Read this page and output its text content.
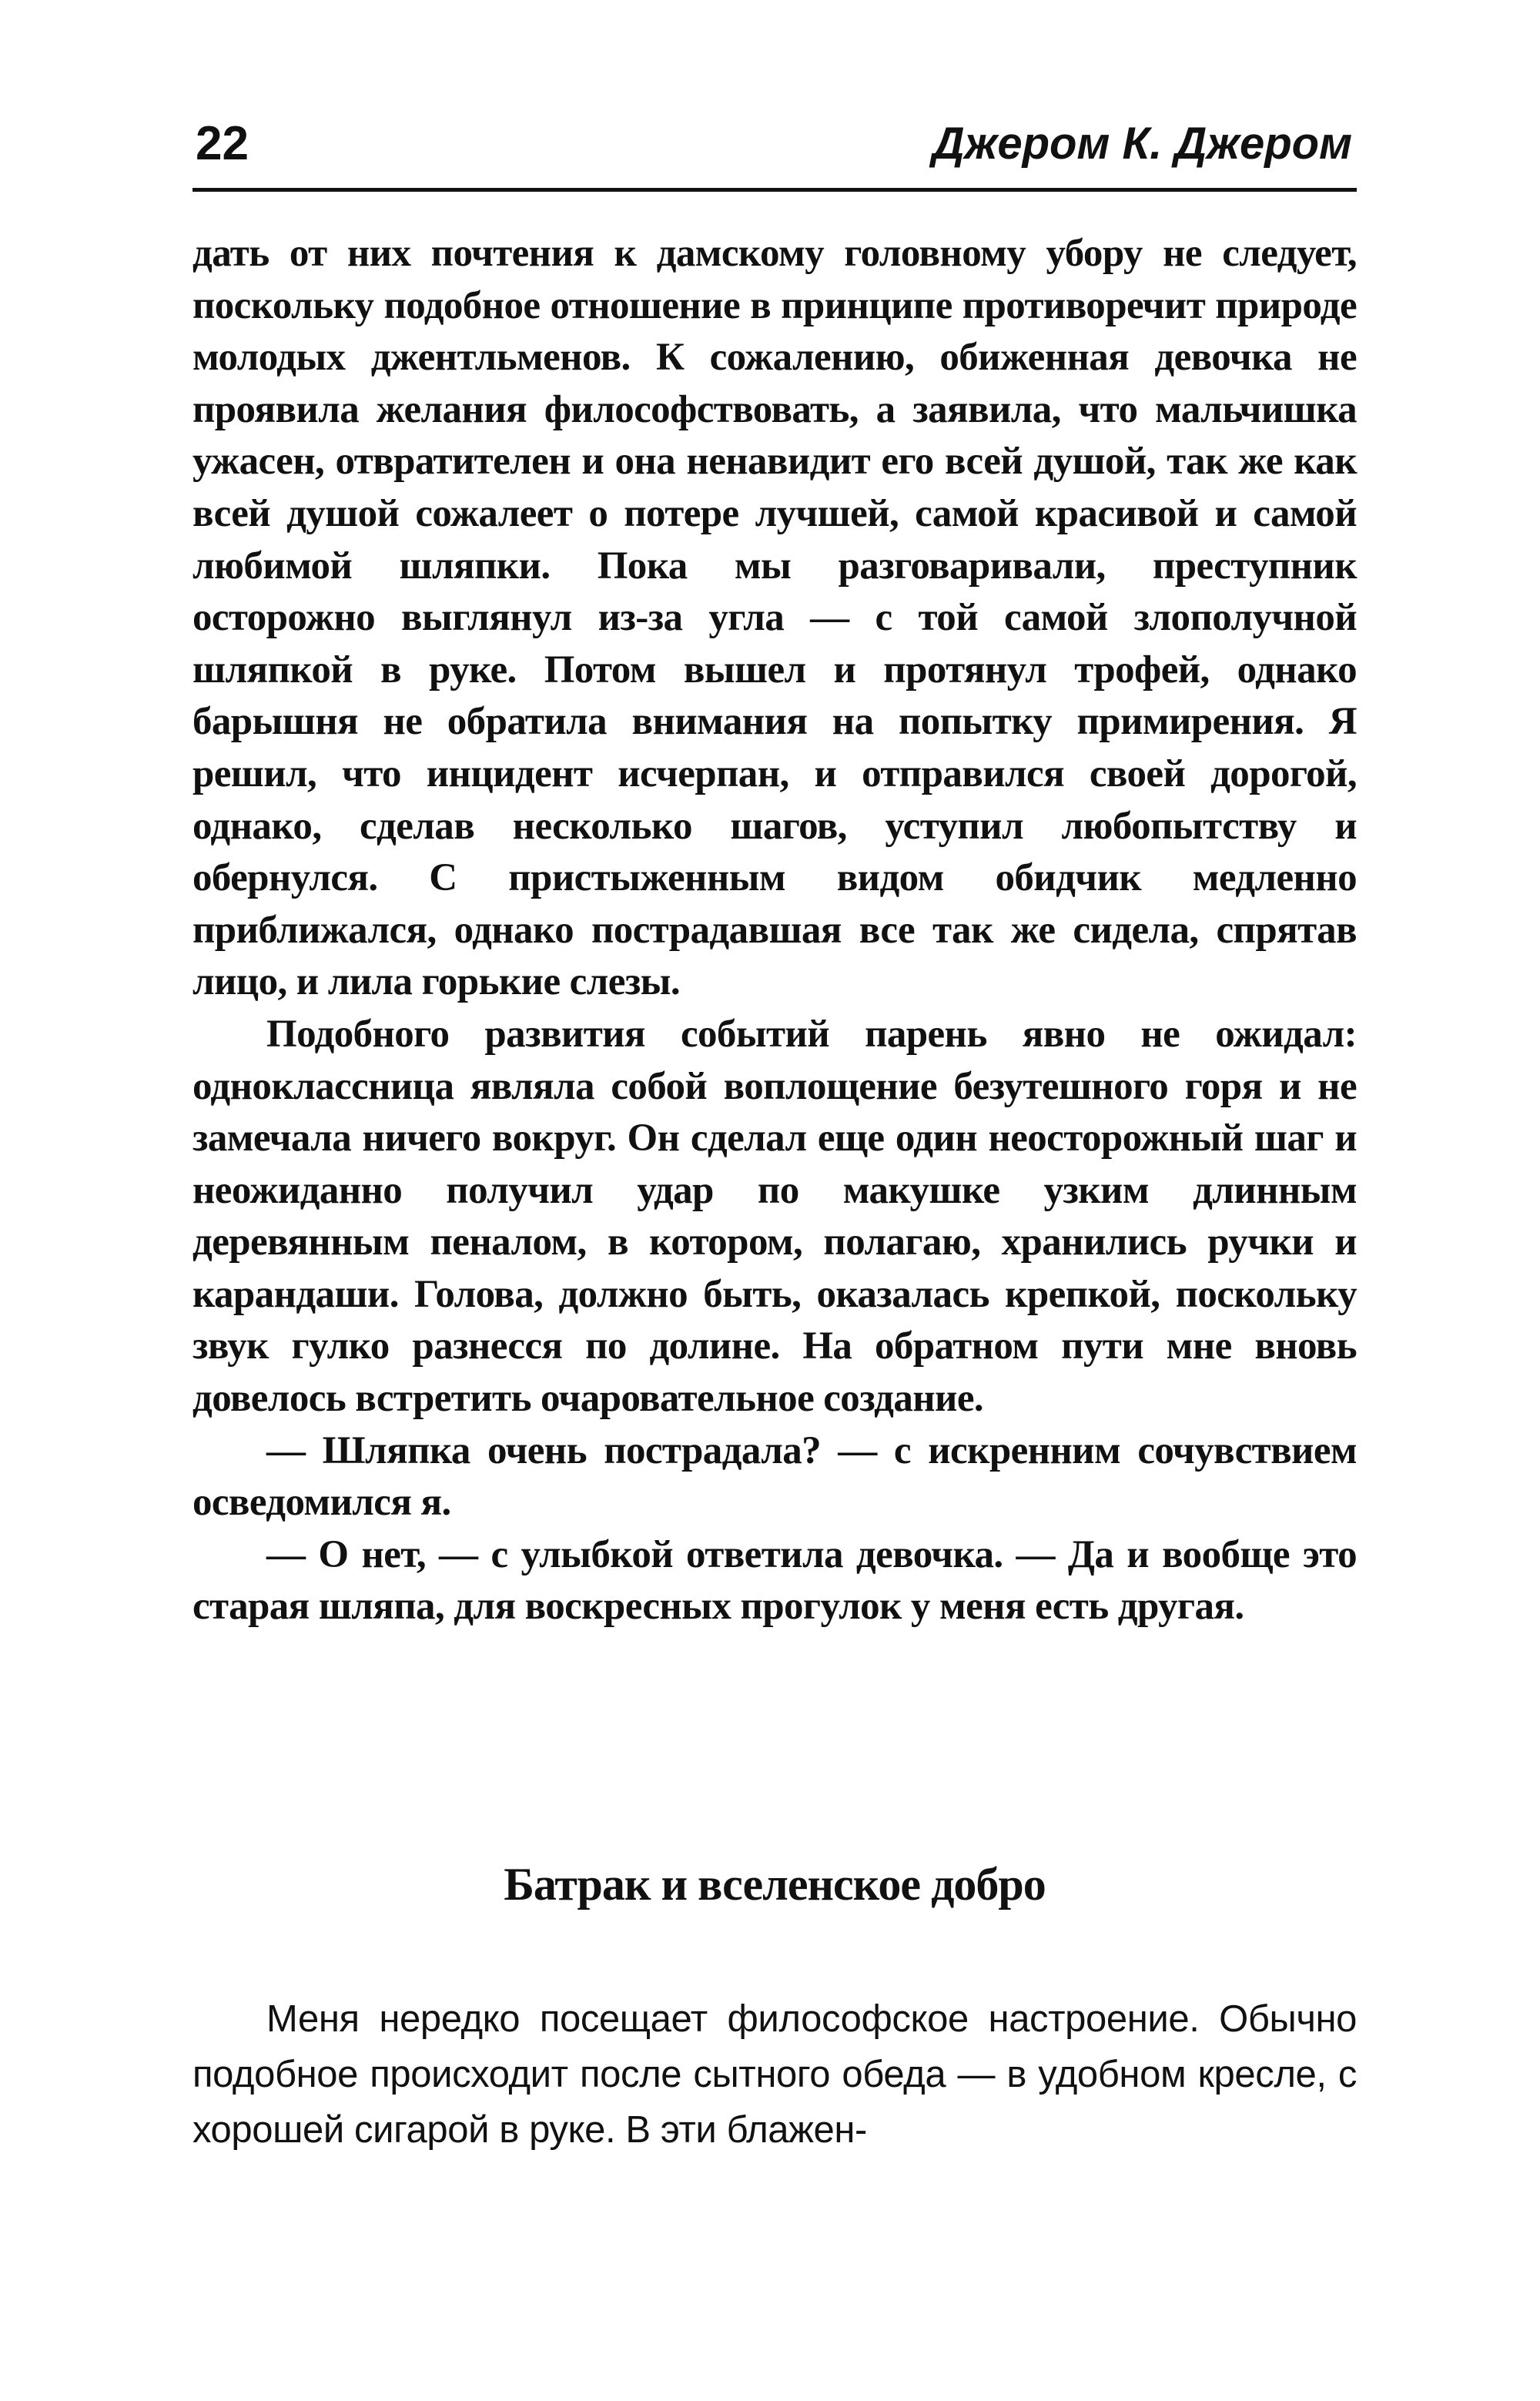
22	Джером К. Джером

дать от них почтения к дамскому головному убору не следует, поскольку подобное отношение в принципе противоречит природе молодых джентльменов. К сожалению, обиженная девочка не проявила желания философствовать, а заявила, что мальчишка ужасен, отвратителен и она ненавидит его всей душой, так же как всей душой сожалеет о потере лучшей, самой красивой и самой любимой шляпки. Пока мы разговаривали, преступник осторожно выглянул из-за угла — с той самой злополучной шляпкой в руке. Потом вышел и протянул трофей, однако барышня не обратила внимания на попытку примирения. Я решил, что инцидент исчерпан, и отправился своей дорогой, однако, сделав несколько шагов, уступил любопытству и обернулся. С пристыженным видом обидчик медленно приближался, однако пострадавшая все так же сидела, спрятав лицо, и лила горькие слезы.

Подобного развития событий парень явно не ожидал: одноклассница являла собой воплощение безутешного горя и не замечала ничего вокруг. Он сделал еще один неосторожный шаг и неожиданно получил удар по макушке узким длинным деревянным пеналом, в котором, полагаю, хранились ручки и карандаши. Голова, должно быть, оказалась крепкой, поскольку звук гулко разнесся по долине. На обратном пути мне вновь довелось встретить очаровательное создание.

— Шляпка очень пострадала? — с искренним сочувствием осведомился я.

— О нет, — с улыбкой ответила девочка. — Да и вообще это старая шляпа, для воскресных прогулок у меня есть другая.

Батрак и вселенское добро

Меня нередко посещает философское настроение. Обычно подобное происходит после сытного обеда — в удобном кресле, с хорошей сигарой в руке. В эти блажен-
